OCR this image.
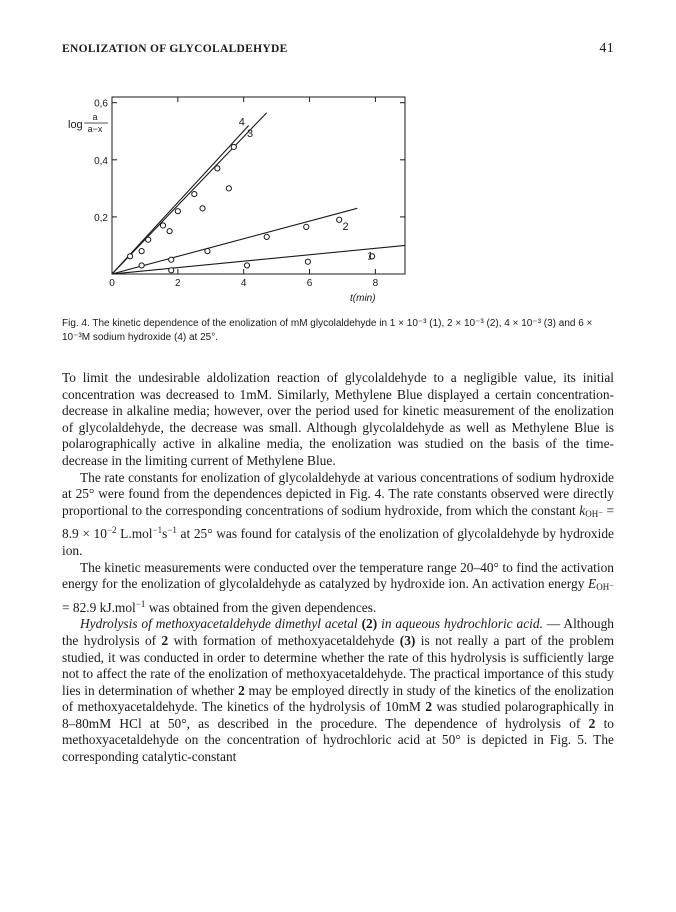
ENOLIZATION OF GLYCOLALDEHYDE	41
0	2	4	6	8
0,2
0,4
0,6
1
2
3
4
log
a
a−x
t(min)
Fig. 4. The kinetic dependence of the enolization of mM glycolaldehyde in 1 × 10⁻³ (1), 2 × 10⁻³ (2), 4 × 10⁻³ (3) and 6 × 10⁻³M sodium hydroxide (4) at 25°.

To limit the undesirable aldolization reaction of glycolaldehyde to a negligible value, its initial concentration was decreased to 1mM. Similarly, Methylene Blue displayed a certain concentration-decrease in alkaline media; however, over the period used for kinetic measurement of the enolization of glycolaldehyde, the decrease was small. Although glycolaldehyde as well as Methylene Blue is polarographically active in alkaline media, the enolization was studied on the basis of the time-decrease in the limiting current of Methylene Blue.

The rate constants for enolization of glycolaldehyde at various concentrations of sodium hydroxide at 25° were found from the dependences depicted in Fig. 4. The rate constants observed were directly proportional to the corresponding concentrations of sodium hydroxide, from which the constant $k_{OH^-} = 8.9 \times 10^{-2}$ $L.mol^{-1}s^{-1}$ at 25° was found for catalysis of the enolization of glycolaldehyde by hydroxide ion.

The kinetic measurements were conducted over the temperature range 20–40° to find the activation energy for the enolization of glycolaldehyde as catalyzed by hydroxide ion. An activation energy $E_{OH^-} = 82.9$ kJ.mol$^{-1}$ was obtained from the given dependences.

Hydrolysis of methoxyacetaldehyde dimethyl acetal (2) in aqueous hydrochloric acid. — Although the hydrolysis of 2 with formation of methoxyacetaldehyde (3) is not really a part of the problem studied, it was conducted in order to determine whether the rate of this hydrolysis is sufficiently large not to affect the rate of the enolization of methoxyacetaldehyde. The practical importance of this study lies in determination of whether 2 may be employed directly in study of the kinetics of the enolization of methoxyacetaldehyde. The kinetics of the hydrolysis of 10mM 2 was studied polarographically in 8–80mM HCl at 50°, as described in the procedure. The dependence of hydrolysis of 2 to methoxyacetaldehyde on the concentration of hydrochloric acid at 50° is depicted in Fig. 5. The corresponding catalytic-constant
